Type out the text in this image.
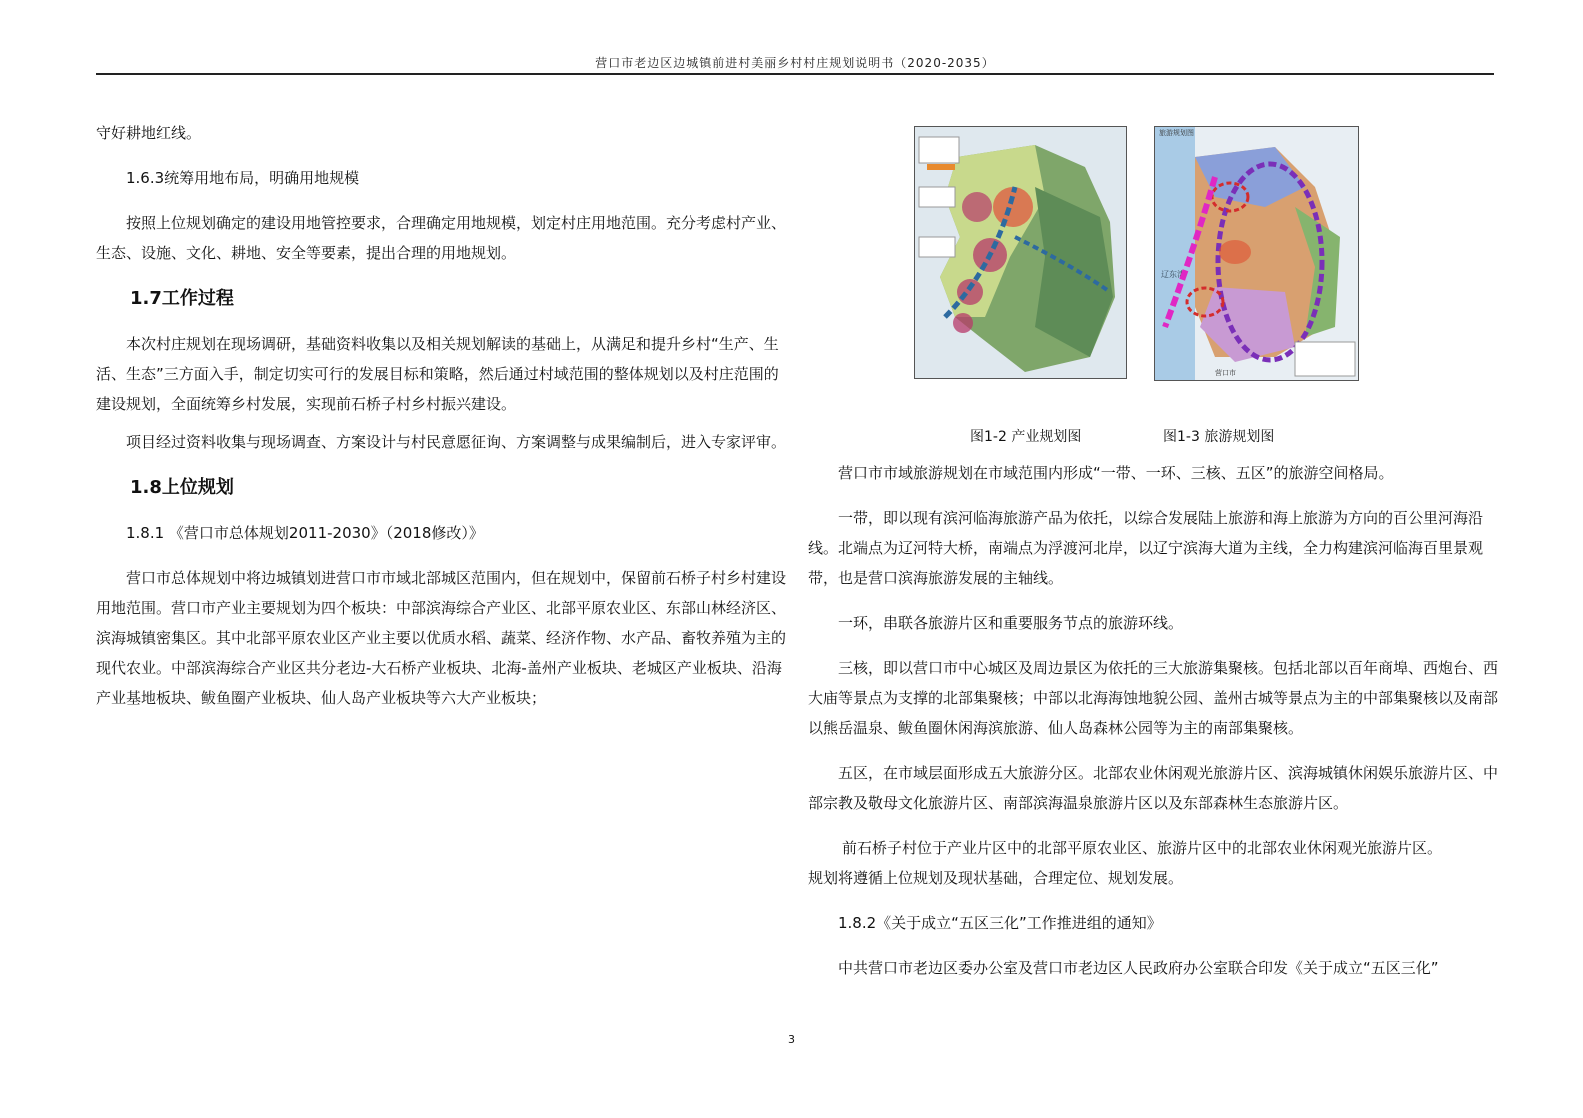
营口市老边区边城镇前进村美丽乡村村庄规划说明书（2020-2035）

守好耕地红线。

1.6.3统筹用地布局，明确用地规模

按照上位规划确定的建设用地管控要求，合理确定用地规模，划定村庄用地范围。充分考虑村产业、生态、设施、文化、耕地、安全等要素，提出合理的用地规划。

1.7工作过程

本次村庄规划在现场调研，基础资料收集以及相关规划解读的基础上，从满足和提升乡村“生产、生活、生态”三方面入手，制定切实可行的发展目标和策略，然后通过村域范围的整体规划以及村庄范围的建设规划，全面统筹乡村发展，实现前石桥子村乡村振兴建设。

项目经过资料收集与现场调查、方案设计与村民意愿征询、方案调整与成果编制后，进入专家评审。

1.8上位规划

1.8.1 《营口市总体规划2011-2030》（2018修改）》

营口市总体规划中将边城镇划进营口市市域北部城区范围内，但在规划中，保留前石桥子村乡村建设用地范围。营口市产业主要规划为四个板块：中部滨海综合产业区、北部平原农业区、东部山林经济区、滨海城镇密集区。其中北部平原农业区产业主要以优质水稻、蔬菜、经济作物、水产品、畜牧养殖为主的现代农业。中部滨海综合产业区共分老边-大石桥产业板块、北海-盖州产业板块、老城区产业板块、沿海产业基地板块、鲅鱼圈产业板块、仙人岛产业板块等六大产业板块；

辽东湾
旅游规划图
营口市
图1-2 产业规划图	图1-3 旅游规划图

营口市市域旅游规划在市域范围内形成“一带、一环、三核、五区”的旅游空间格局。

一带，即以现有滨河临海旅游产品为依托，以综合发展陆上旅游和海上旅游为方向的百公里河海沿线。北端点为辽河特大桥，南端点为浮渡河北岸，以辽宁滨海大道为主线，全力构建滨河临海百里景观带，也是营口滨海旅游发展的主轴线。

一环，串联各旅游片区和重要服务节点的旅游环线。

三核，即以营口市中心城区及周边景区为依托的三大旅游集聚核。包括北部以百年商埠、西炮台、西大庙等景点为支撑的北部集聚核；中部以北海海蚀地貌公园、盖州古城等景点为主的中部集聚核以及南部以熊岳温泉、鲅鱼圈休闲海滨旅游、仙人岛森林公园等为主的南部集聚核。

五区，在市域层面形成五大旅游分区。北部农业休闲观光旅游片区、滨海城镇休闲娱乐旅游片区、中部宗教及敬母文化旅游片区、南部滨海温泉旅游片区以及东部森林生态旅游片区。

前石桥子村位于产业片区中的北部平原农业区、旅游片区中的北部农业休闲观光旅游片区。

规划将遵循上位规划及现状基础，合理定位、规划发展。

1.8.2《关于成立“五区三化”工作推进组的通知》

中共营口市老边区委办公室及营口市老边区人民政府办公室联合印发《关于成立“五区三化”

3
